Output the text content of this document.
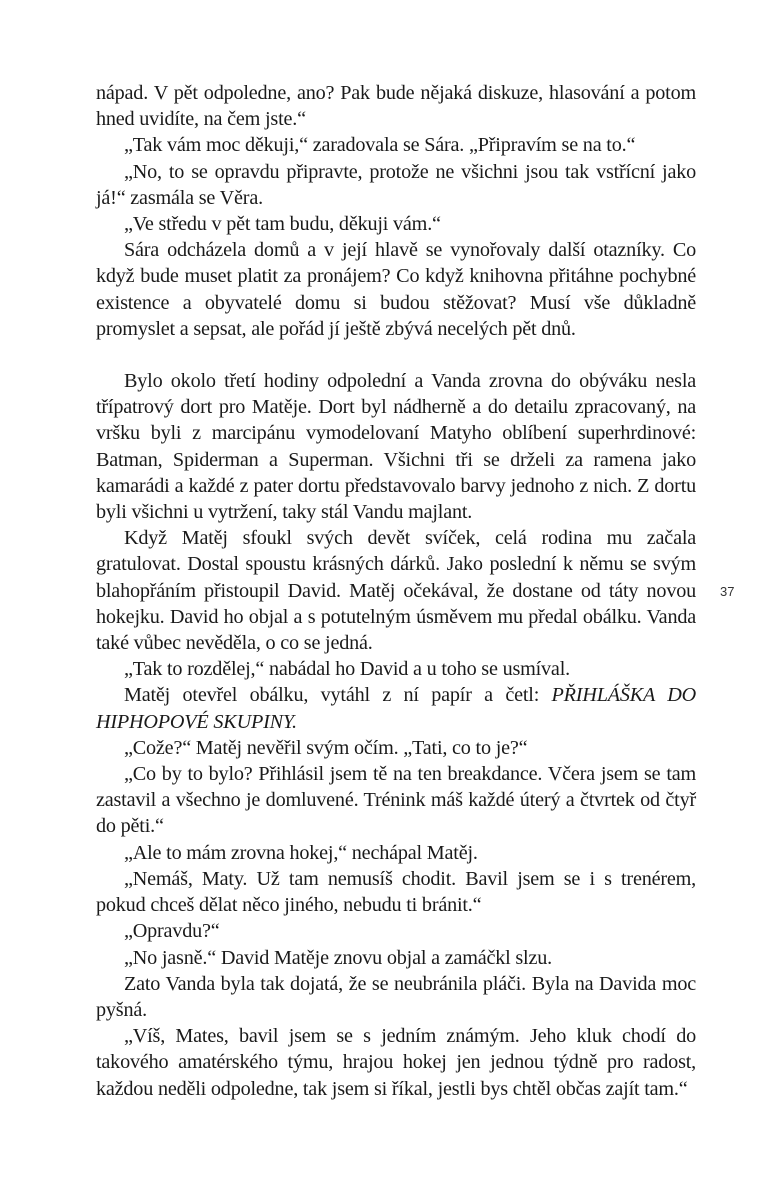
nápad. V pět odpoledne, ano? Pak bude nějaká diskuze, hlasování a potom hned uvidíte, na čem jste.“

„Tak vám moc děkuji,“ zaradovala se Sára. „Připravím se na to.“

„No, to se opravdu připravte, protože ne všichni jsou tak vstřícní jako já!“ zasmála se Věra.

„Ve středu v pět tam budu, děkuji vám.“

Sára odcházela domů a v její hlavě se vynořovaly další otazníky. Co když bude muset platit za pronájem? Co když knihovna přitáhne pochybné existence a obyvatelé domu si budou stěžovat? Musí vše důkladně promyslet a sepsat, ale pořád jí ještě zbývá necelých pět dnů.

Bylo okolo třetí hodiny odpolední a Vanda zrovna do obýváku nesla třípatrový dort pro Matěje. Dort byl nádherně a do detailu zpracovaný, na vršku byli z marcipánu vymodelovaní Matyho oblíbení superhrdinové: Batman, Spiderman a Superman. Všichni tři se drželi za ramena jako kamarádi a každé z pater dortu představovalo barvy jednoho z nich. Z dortu byli všichni u vytržení, taky stál Vandu majlant.

Když Matěj sfoukl svých devět svíček, celá rodina mu začala gratulovat. Dostal spoustu krásných dárků. Jako poslední k němu se svým blahopřáním přistoupil David. Matěj očekával, že dostane od táty novou hokejku. David ho objal a s potutelným úsměvem mu předal obálku. Vanda také vůbec nevěděla, o co se jedná.

„Tak to rozdělej,“ nabádal ho David a u toho se usmíval.

Matěj otevřel obálku, vytáhl z ní papír a četl: PŘIHLÁŠKA DO HIPHOPOVÉ SKUPINY.

„Cože?“ Matěj nevěřil svým očím. „Tati, co to je?“

„Co by to bylo? Přihlásil jsem tě na ten breakdance. Včera jsem se tam zastavil a všechno je domluvené. Trénink máš každé úterý a čtvrtek od čtyř do pěti.“

„Ale to mám zrovna hokej,“ nechápal Matěj.

„Nemáš, Maty. Už tam nemusíš chodit. Bavil jsem se i s trenérem, pokud chceš dělat něco jiného, nebudu ti bránit.“

„Opravdu?“

„No jasně.“ David Matěje znovu objal a zamáčkl slzu.

Zato Vanda byla tak dojatá, že se neubránila pláči. Byla na Davida moc pyšná.

„Víš, Mates, bavil jsem se s jedním známým. Jeho kluk chodí do takového amatérského týmu, hrajou hokej jen jednou týdně pro radost, každou neděli odpoledne, tak jsem si říkal, jestli bys chtěl občas zajít tam.“

37
